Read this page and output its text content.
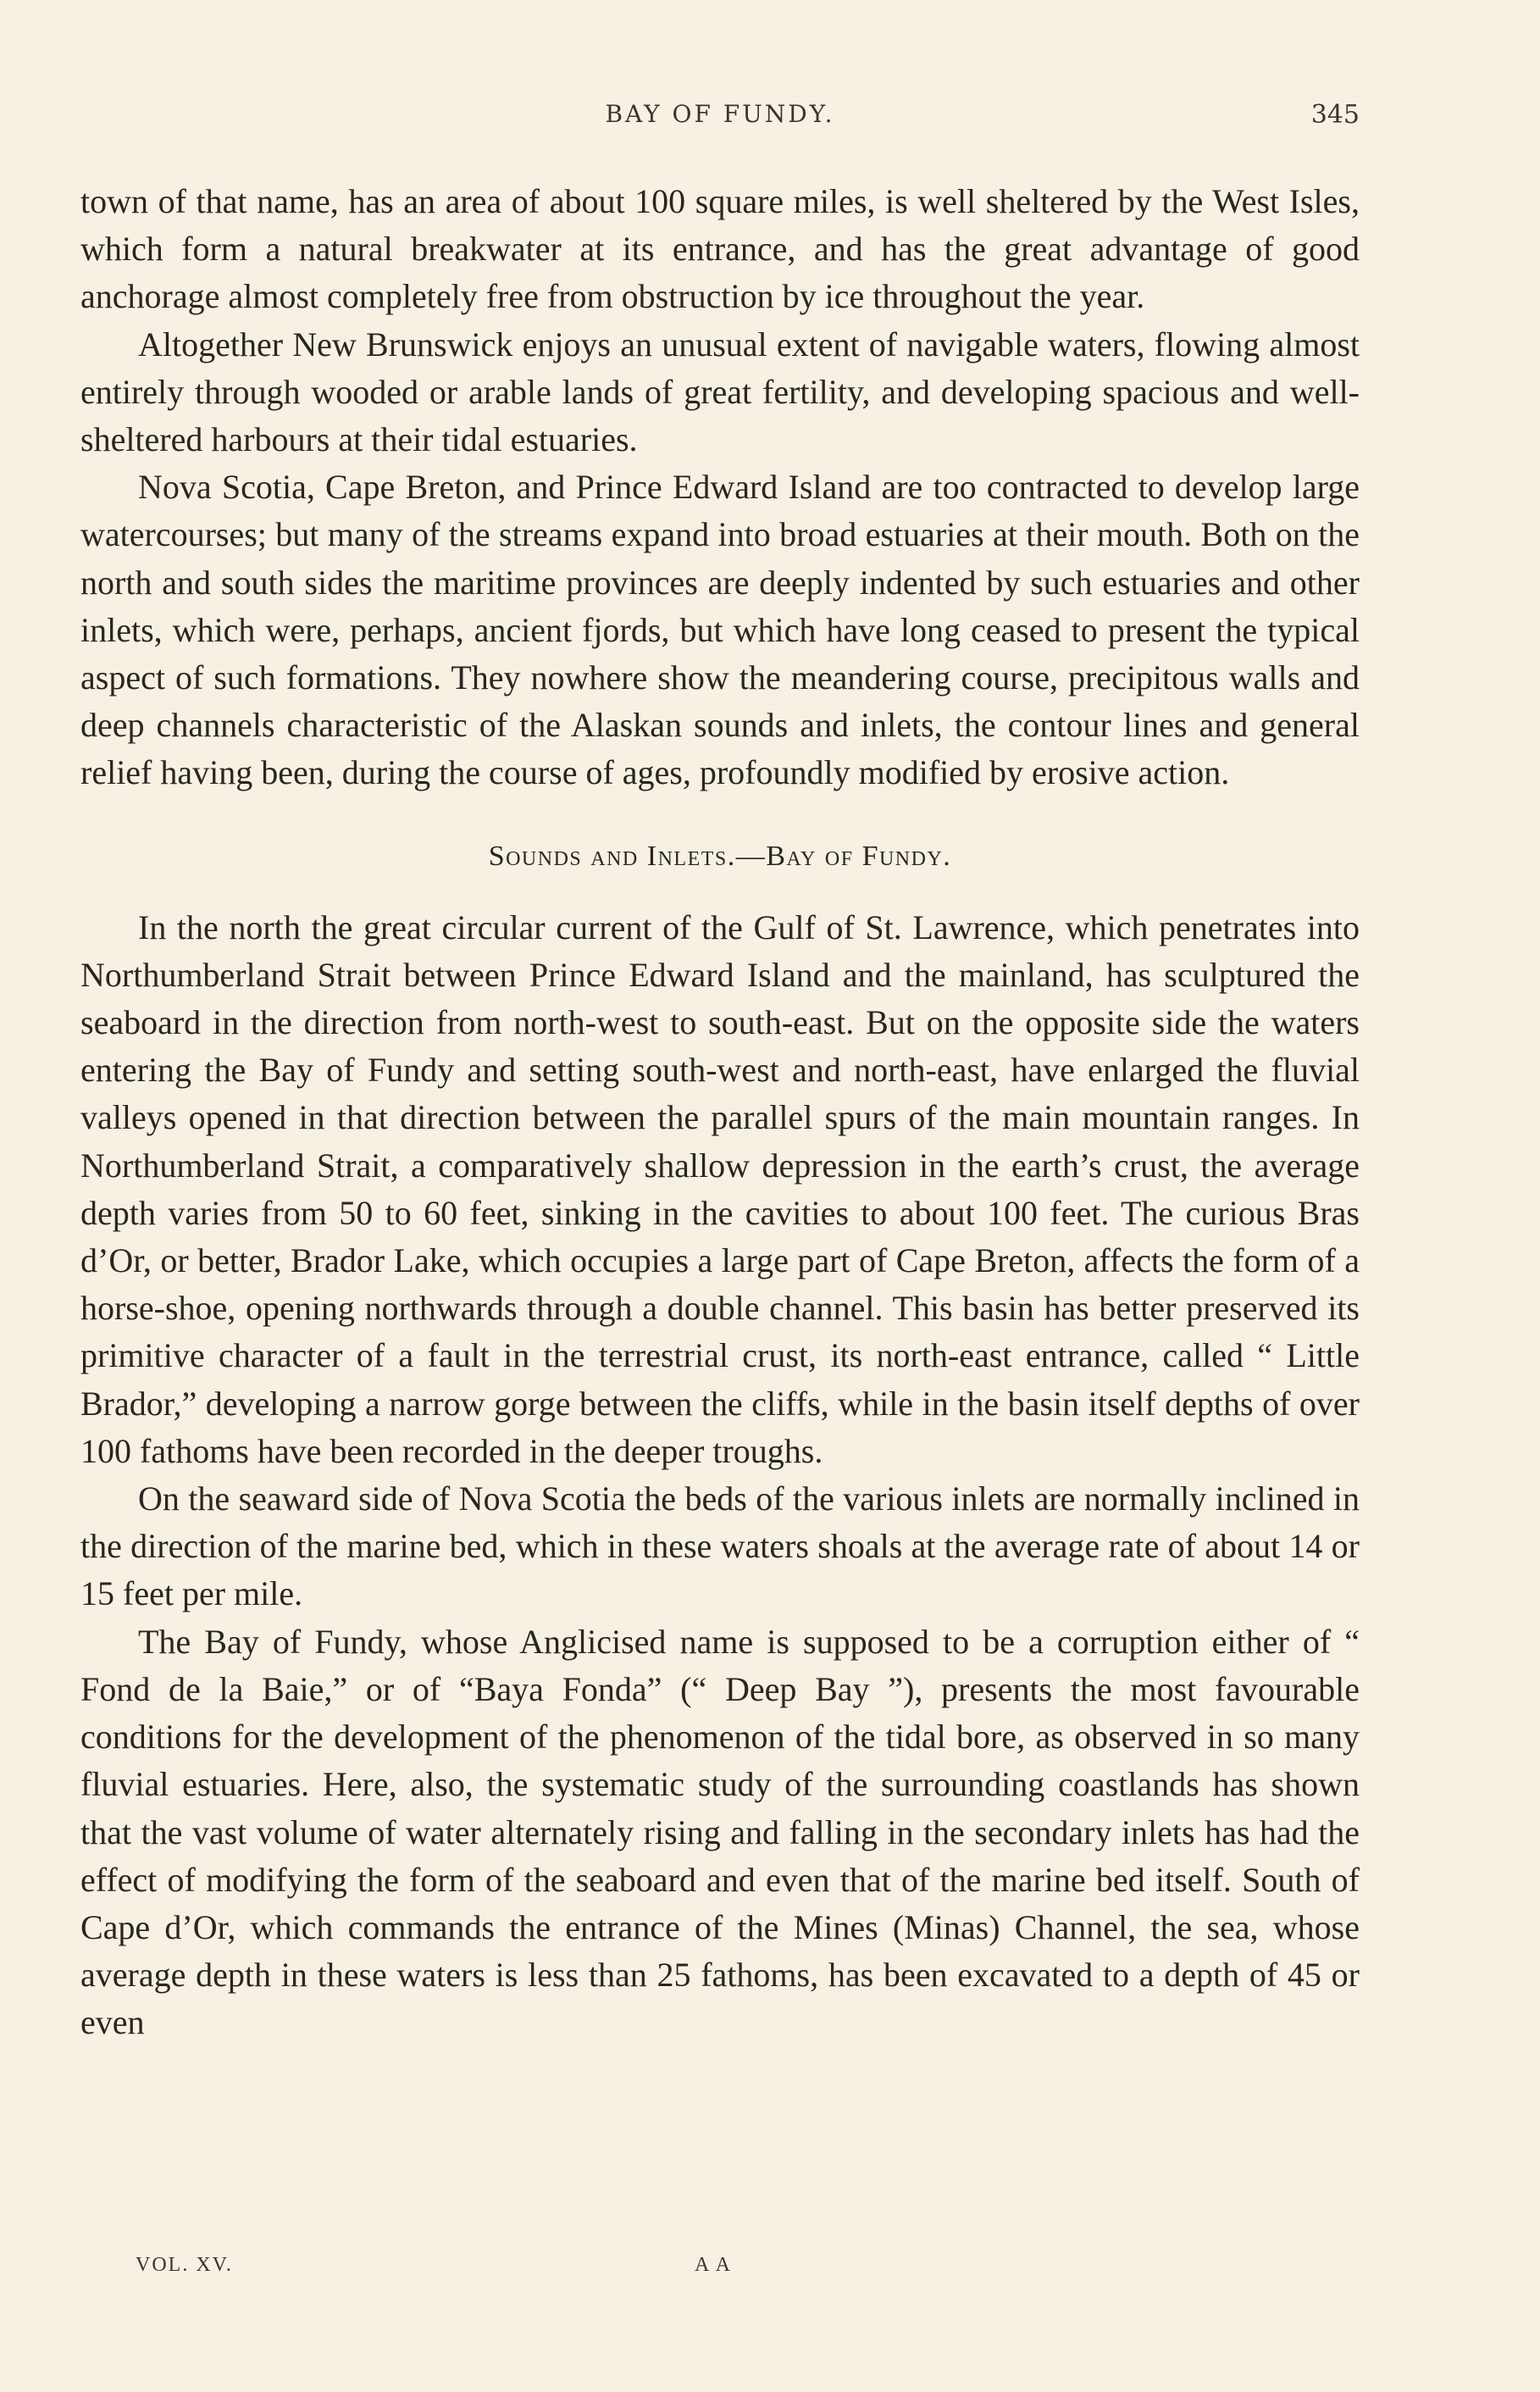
BAY OF FUNDY.	345

town of that name, has an area of about 100 square miles, is well sheltered by the West Isles, which form a natural breakwater at its entrance, and has the great advantage of good anchorage almost completely free from obstruction by ice throughout the year.

Altogether New Brunswick enjoys an unusual extent of navigable waters, flowing almost entirely through wooded or arable lands of great fertility, and developing spacious and well-sheltered harbours at their tidal estuaries.

Nova Scotia, Cape Breton, and Prince Edward Island are too contracted to develop large watercourses; but many of the streams expand into broad estuaries at their mouth. Both on the north and south sides the maritime provinces are deeply indented by such estuaries and other inlets, which were, perhaps, ancient fjords, but which have long ceased to present the typical aspect of such formations. They nowhere show the meandering course, precipitous walls and deep channels characteristic of the Alaskan sounds and inlets, the contour lines and general relief having been, during the course of ages, profoundly modified by erosive action.

Sounds and Inlets.—Bay of Fundy.

In the north the great circular current of the Gulf of St. Lawrence, which penetrates into Northumberland Strait between Prince Edward Island and the mainland, has sculptured the seaboard in the direction from north-west to south-east. But on the opposite side the waters entering the Bay of Fundy and setting south-west and north-east, have enlarged the fluvial valleys opened in that direction between the parallel spurs of the main mountain ranges. In Northumberland Strait, a comparatively shallow depression in the earth’s crust, the average depth varies from 50 to 60 feet, sinking in the cavities to about 100 feet. The curious Bras d’Or, or better, Brador Lake, which occupies a large part of Cape Breton, affects the form of a horse-shoe, opening northwards through a double channel. This basin has better preserved its primitive character of a fault in the terrestrial crust, its north-east entrance, called “ Little Brador,” developing a narrow gorge between the cliffs, while in the basin itself depths of over 100 fathoms have been recorded in the deeper troughs.

On the seaward side of Nova Scotia the beds of the various inlets are normally inclined in the direction of the marine bed, which in these waters shoals at the average rate of about 14 or 15 feet per mile.

The Bay of Fundy, whose Anglicised name is supposed to be a corruption either of “ Fond de la Baie,” or of “Baya Fonda” (“ Deep Bay ”), presents the most favourable conditions for the development of the phenomenon of the tidal bore, as observed in so many fluvial estuaries. Here, also, the systematic study of the surrounding coastlands has shown that the vast volume of water alternately rising and falling in the secondary inlets has had the effect of modifying the form of the seaboard and even that of the marine bed itself. South of Cape d’Or, which commands the entrance of the Mines (Minas) Channel, the sea, whose average depth in these waters is less than 25 fathoms, has been excavated to a depth of 45 or even

VOL. XV.	A A
